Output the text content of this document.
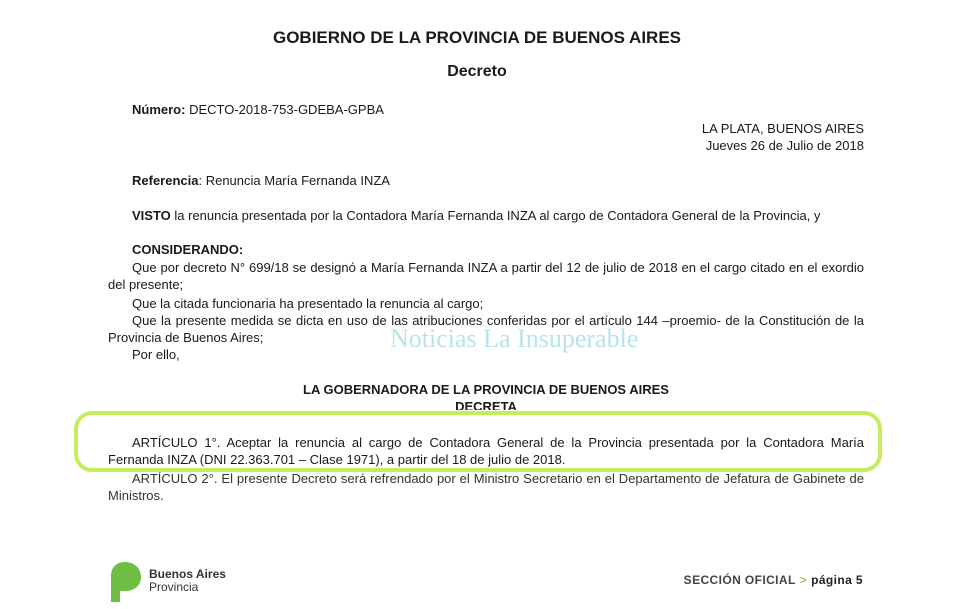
GOBIERNO DE LA PROVINCIA DE BUENOS AIRES
Decreto
Número: DECTO-2018-753-GDEBA-GPBA
LA PLATA, BUENOS AIRES
Jueves 26 de Julio de 2018
Referencia: Renuncia María Fernanda INZA
VISTO la renuncia presentada por la Contadora María Fernanda INZA al cargo de Contadora General de la Provincia, y
CONSIDERANDO:
Que por decreto N° 699/18 se designó a María Fernanda INZA a partir del 12 de julio de 2018 en el cargo citado en el exordio del presente;
Que la citada funcionaria ha presentado la renuncia al cargo;
Que la presente medida se dicta en uso de las atribuciones conferidas por el artículo 144 –proemio- de la Constitución de la Provincia de Buenos Aires;
Por ello,
Noticias La Insuperable
LA GOBERNADORA DE LA PROVINCIA DE BUENOS AIRES
DECRETA
ARTÍCULO 1°. Aceptar la renuncia al cargo de Contadora General de la Provincia presentada por la Contadora María Fernanda INZA (DNI 22.363.701 – Clase 1971), a partir del 18 de julio de 2018.
ARTÍCULO 2°. El presente Decreto será refrendado por el Ministro Secretario en el Departamento de Jefatura de Gabinete de Ministros.
Buenos Aires
Provincia	SECCIÓN OFICIAL > página 5
